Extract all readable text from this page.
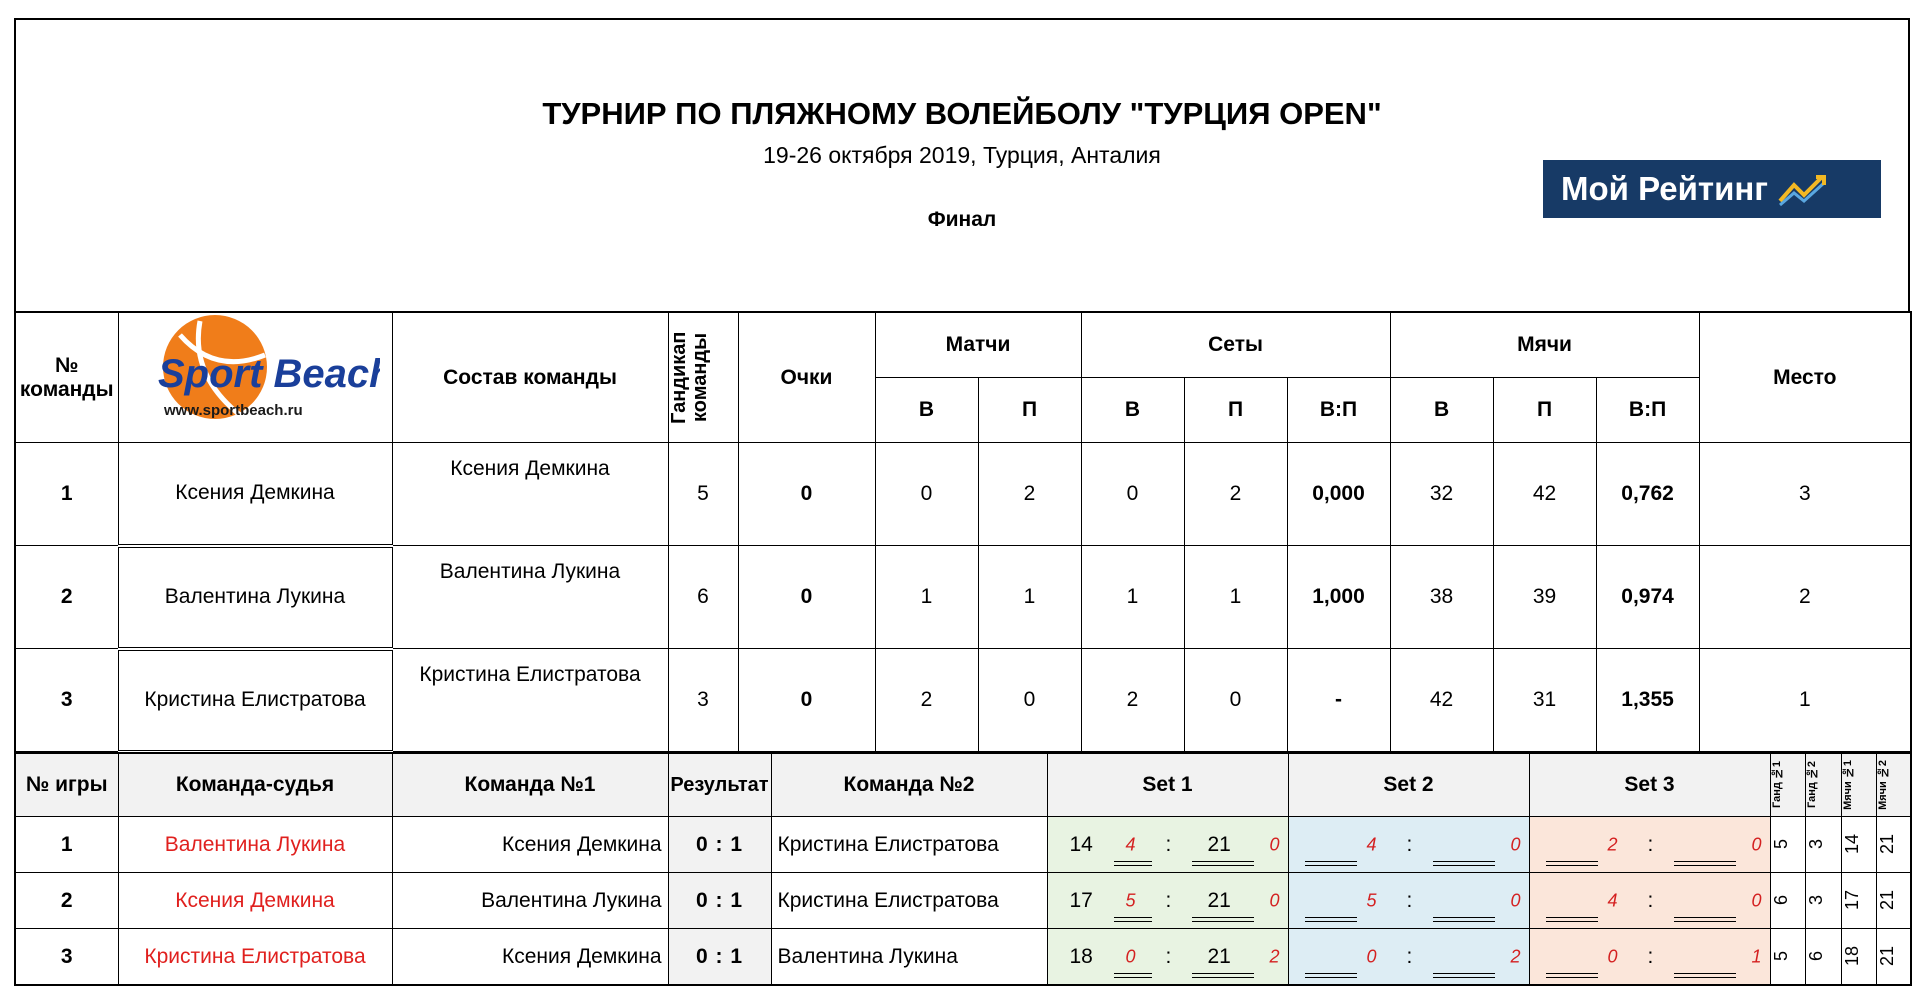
ТУРНИР ПО ПЛЯЖНОМУ ВОЛЕЙБОЛУ "ТУРЦИЯ OPEN"
19-26 октября 2019, Турция, Анталия
Финал
Мой Рейтинг
№ команды	Sport Beach
www.sportbeach.ru	Состав команды	Гандикап команды	Очки	Матчи		Сеты			Мячи			Место
					В	П	В	П	В:П	В	П	В:П	
1	Ксения Демкина	Ксения Демкина	5	0	0	2	0	2	0,000	32	42	0,762	3
2	Валентина Лукина	Валентина Лукина	6	0	1	1	1	1	1,000	38	39	0,974	2
3	Кристина Елистратова	Кристина Елистратова	3	0	2	0	2	0	-	42	31	1,355	1
№ игры	Команда-судья	Команда №1	Результат	Команда №2	Set 1	Set 2	Set 3	Ганд №1	Ганд №2	Мячи №1	Мячи №2

1	Валентина Лукина	Ксения Демкина	0 : 1	Кристина Елистратова	14 4 : 21 0	4 : 0	2 : 0	5	3	14	21

2	Ксения Демкина	Валентина Лукина	0 : 1	Кристина Елистратова	17 5 : 21 0	5 : 0	4 : 0	6	3	17	21

3	Кристина Елистратова	Ксения Демкина	0 : 1	Валентина Лукина	18 0 : 21 2	0 : 2	0 : 1	5	6	18	21
